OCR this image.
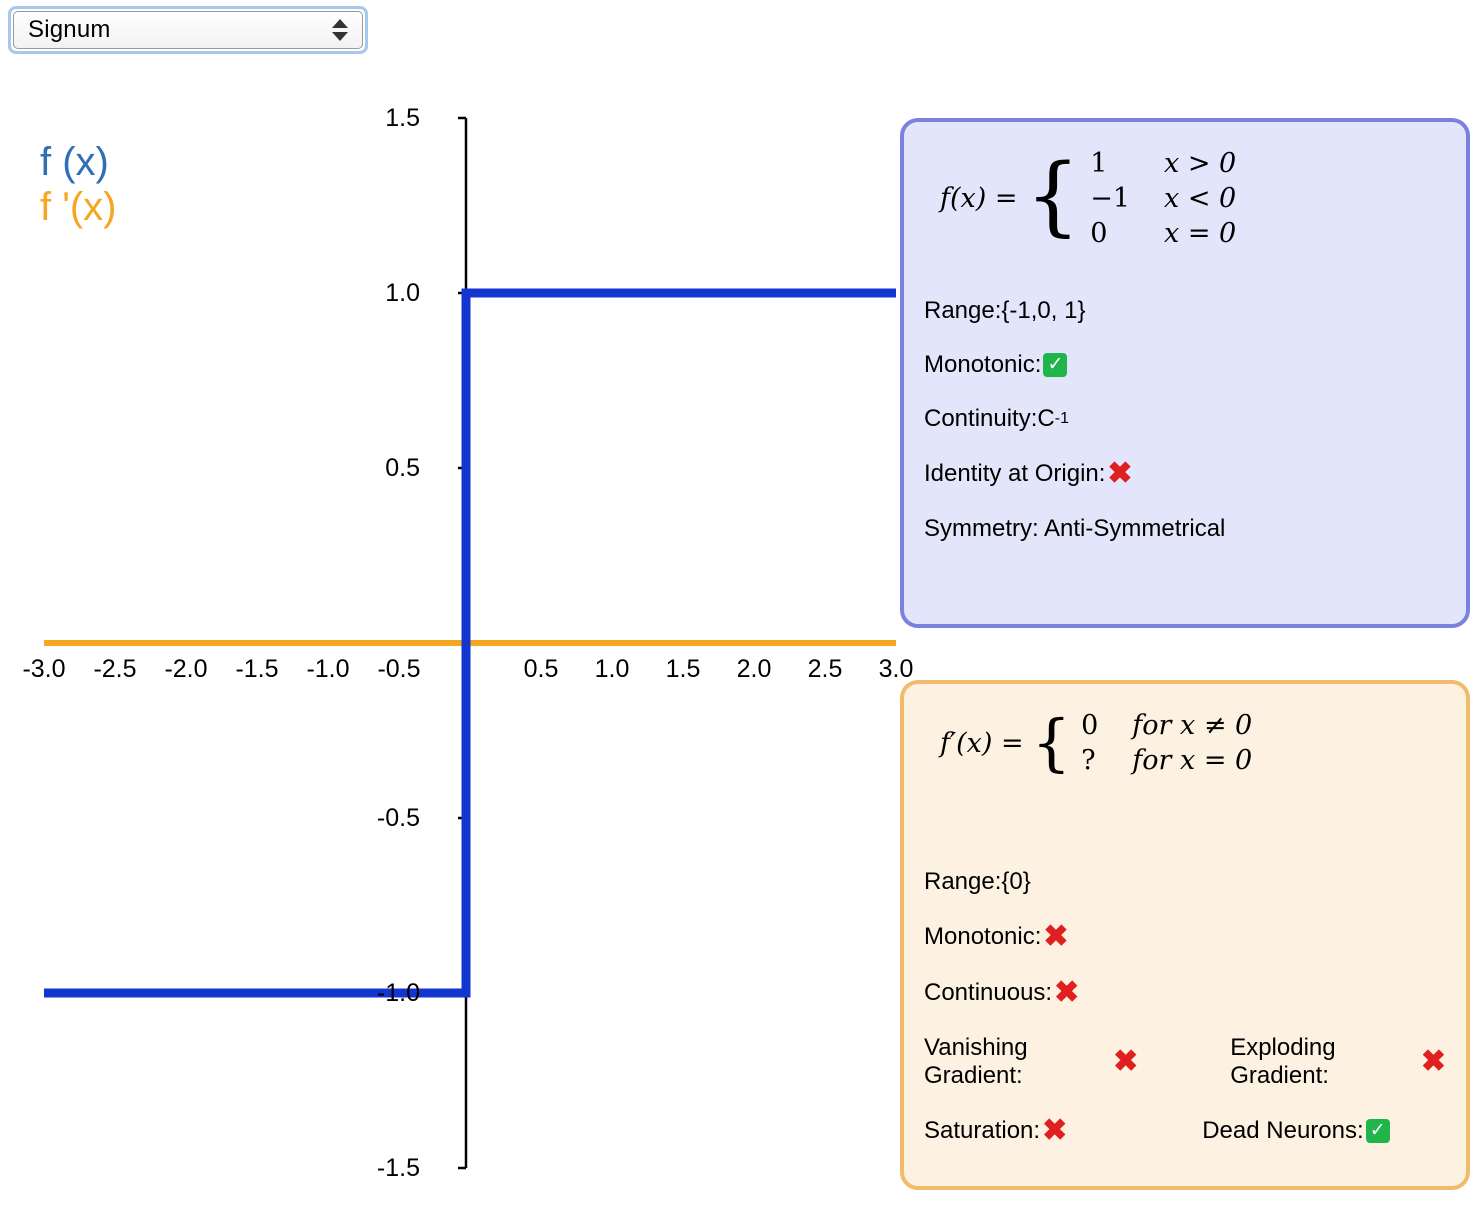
Signum
f (x)
f '(x)
1.5
1.0
0.5
-0.5
-1.0
-1.5
-3.0	-2.5	-2.0	-1.5	-1.0	-0.5	0.5	1.0	1.5	2.0	2.5	3.0
f(x) = { 1	x > 0
−1 x < 0
0	x = 0
Range:{-1,0, 1}
Monotonic: ✓
Continuity:C -1
Identity at Origin: ✖
Symmetry: Anti-Symmetrical
f′(x) = { 0 for x ≠ 0
? for x = 0
Range:{0}
Monotonic: ✖
Continuous: ✖
Vanishing Gradient:	✖	Exploding Gradient:	✖
Saturation: ✖	Dead Neurons: ✓
